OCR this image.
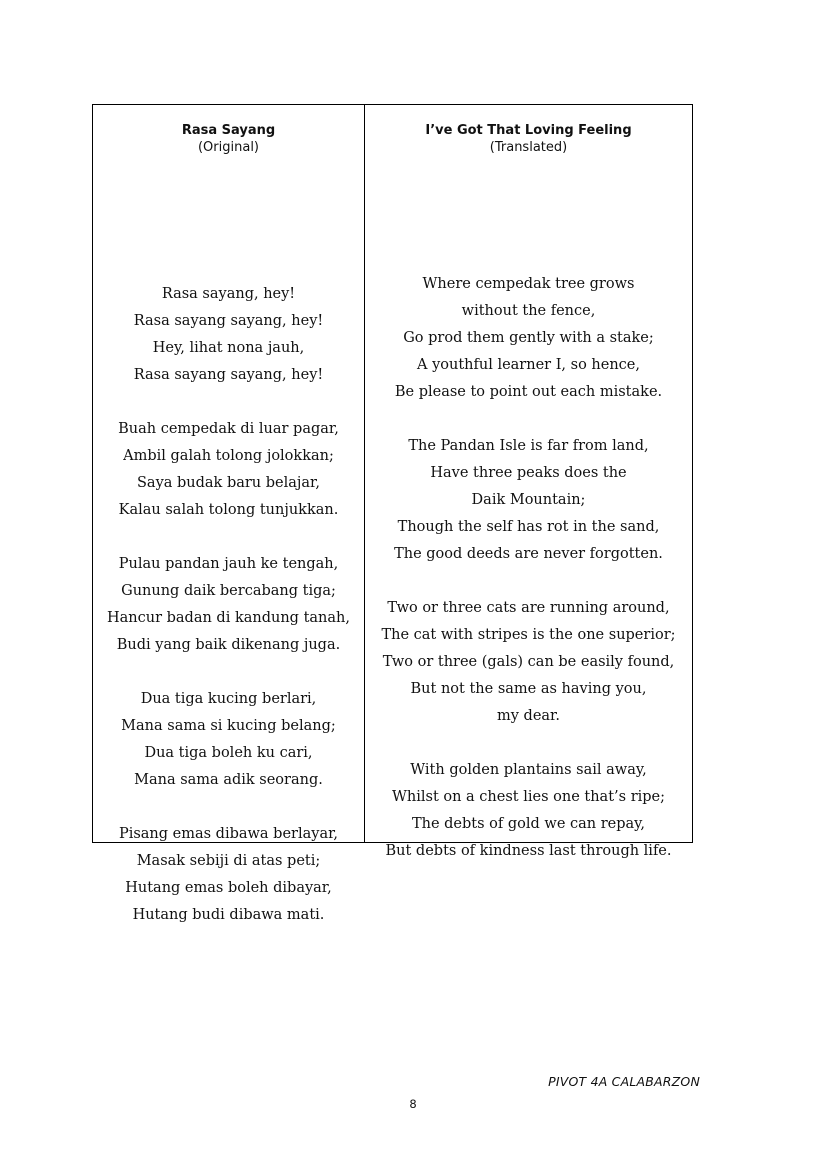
Rasa Sayang
(Original)
Rasa sayang, hey!
Rasa sayang sayang, hey!
Hey, lihat nona jauh,
Rasa sayang sayang, hey!
Buah cempedak di luar pagar,
Ambil galah tolong jolokkan;
Saya budak baru belajar,
Kalau salah tolong tunjukkan.
Pulau pandan jauh ke tengah,
Gunung daik bercabang tiga;
Hancur badan di kandung tanah,
Budi yang baik dikenang juga.
Dua tiga kucing berlari,
Mana sama si kucing belang;
Dua tiga boleh ku cari,
Mana sama adik seorang.
Pisang emas dibawa berlayar,
Masak sebiji di atas peti;
Hutang emas boleh dibayar,
Hutang budi dibawa mati.
I’ve Got That Loving Feeling
(Translated)
Where cempedak tree grows
without the fence,
Go prod them gently with a stake;
A youthful learner I, so hence,
Be please to point out each mistake.
The Pandan Isle is far from land,
Have three peaks does the
Daik Mountain;
Though the self has rot in the sand,
The good deeds are never forgotten.
Two or three cats are running around,
The cat with stripes is the one superior;
Two or three (gals) can be easily found,
But not the same as having you,
my dear.
With golden plantains sail away,
Whilst on a chest lies one that’s ripe;
The debts of gold we can repay,
But debts of kindness last through life.
PIVOT 4A CALABARZON
8
